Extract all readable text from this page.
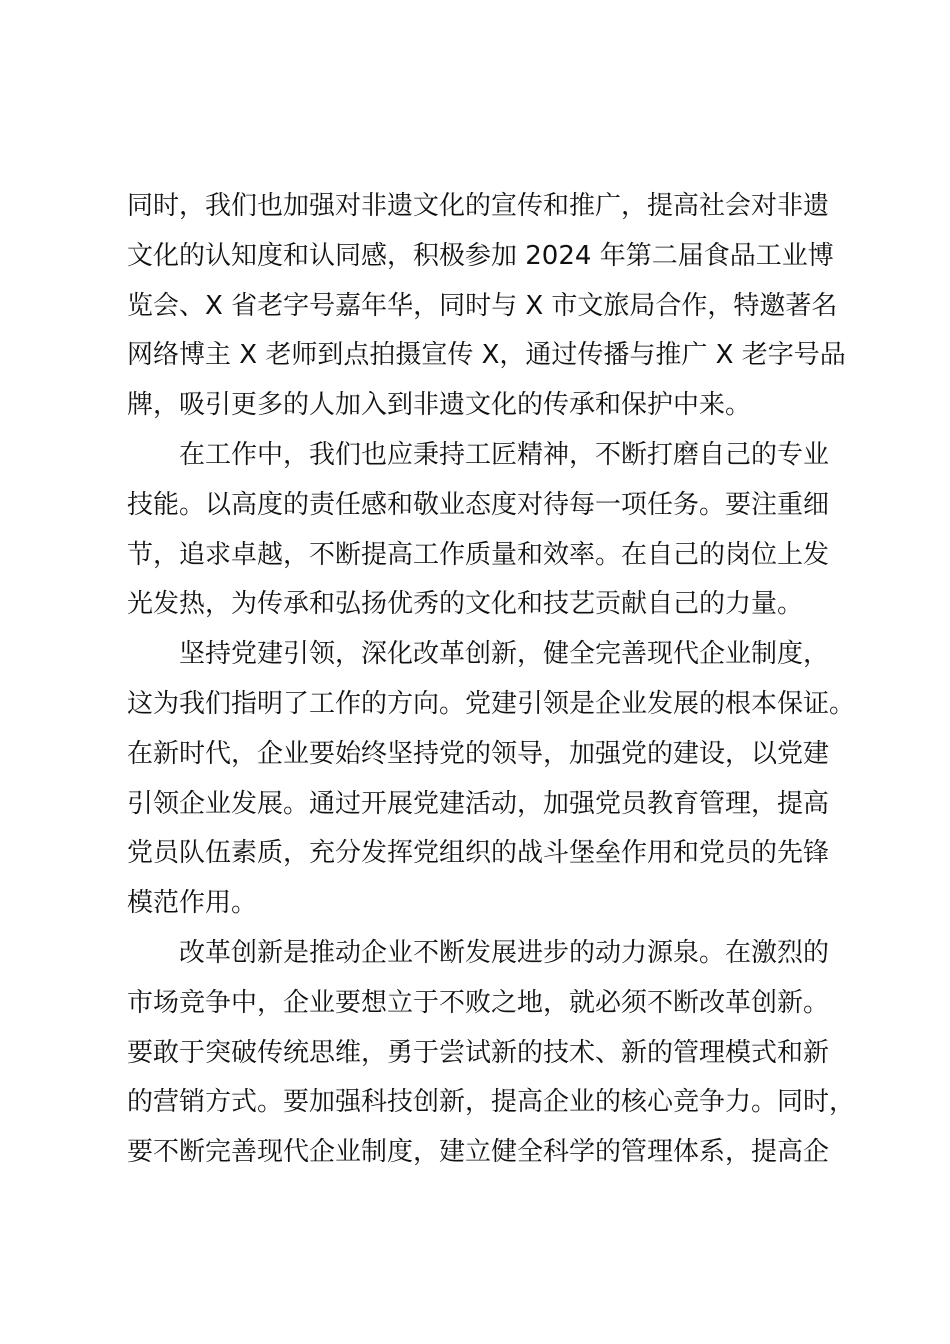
同时，我们也加强对非遗文化的宣传和推广，提高社会对非遗
文化的认知度和认同感，积极参加 2024 年第二届食品工业博
览会、X 省老字号嘉年华，同时与 X 市文旅局合作，特邀著名
网络博主 X 老师到点拍摄宣传 X，通过传播与推广 X 老字号品
牌，吸引更多的人加入到非遗文化的传承和保护中来。
在工作中，我们也应秉持工匠精神，不断打磨自己的专业
技能。以高度的责任感和敬业态度对待每一项任务。要注重细
节，追求卓越，不断提高工作质量和效率。在自己的岗位上发
光发热，为传承和弘扬优秀的文化和技艺贡献自己的力量。
坚持党建引领，深化改革创新，健全完善现代企业制度，
这为我们指明了工作的方向。党建引领是企业发展的根本保证。
在新时代，企业要始终坚持党的领导，加强党的建设，以党建
引领企业发展。通过开展党建活动，加强党员教育管理，提高
党员队伍素质，充分发挥党组织的战斗堡垒作用和党员的先锋
模范作用。
改革创新是推动企业不断发展进步的动力源泉。在激烈的
市场竞争中，企业要想立于不败之地，就必须不断改革创新。
要敢于突破传统思维，勇于尝试新的技术、新的管理模式和新
的营销方式。要加强科技创新，提高企业的核心竞争力。同时，
要不断完善现代企业制度，建立健全科学的管理体系，提高企
